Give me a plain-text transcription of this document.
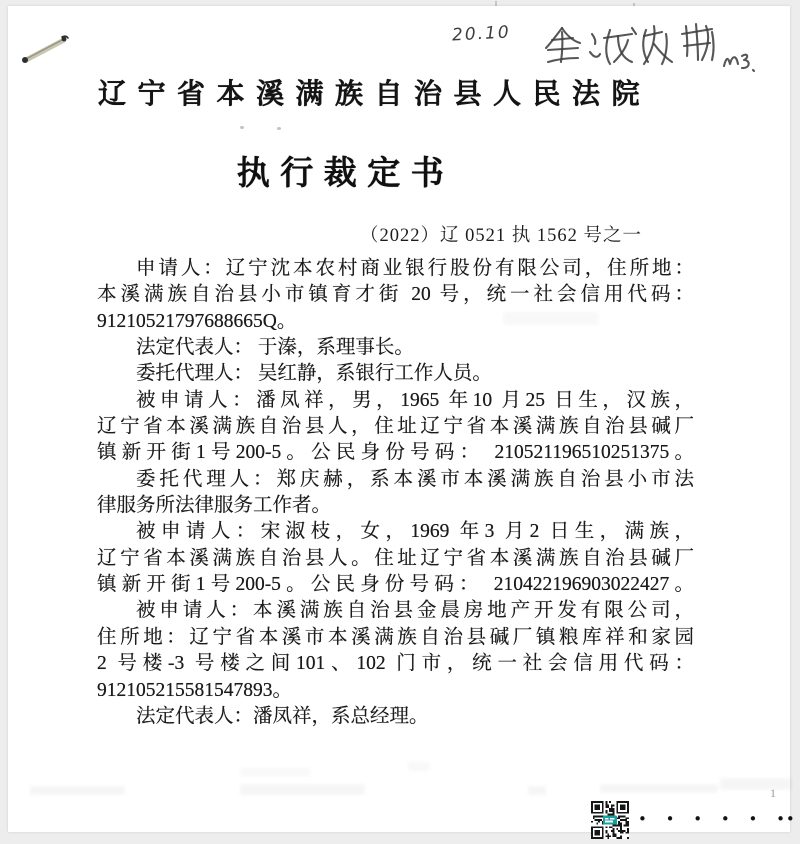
20.10
辽宁省本溪满族自治县人民法院
执行裁定书
（2022）辽 0521 执 1562 号之一
申请人：辽宁沈本农村商业银行股份有限公司，住所地：
本溪满族自治县小市镇育才街 20 号，统一社会信用代码：
91210521797688665Q。
法定代表人： 于溱，系理事长。
委托代理人： 吴红静，系银行工作人员。
被申请人：潘凤祥，男，1965 年10 月25 日生，汉族，
辽宁省本溪满族自治县人，住址辽宁省本溪满族自治县碱厂
镇新开街1号200-5。公民身份号码： 210521196510251375。
委托代理人：郑庆赫，系本溪市本溪满族自治县小市法
律服务所法律服务工作者。
被申请人：宋淑枝，女，1969 年3 月2 日生，满族，
辽宁省本溪满族自治县人。住址辽宁省本溪满族自治县碱厂
镇新开街1号200-5。公民身份号码： 210422196903022427。
被申请人：本溪满族自治县金晨房地产开发有限公司，
住所地：辽宁省本溪市本溪满族自治县碱厂镇粮库祥和家园
2 号楼-3 号楼之间101、102 门市，统一社会信用代码：
912105215581547893。
法定代表人：潘凤祥，系总经理。
• • • • • ••
1
